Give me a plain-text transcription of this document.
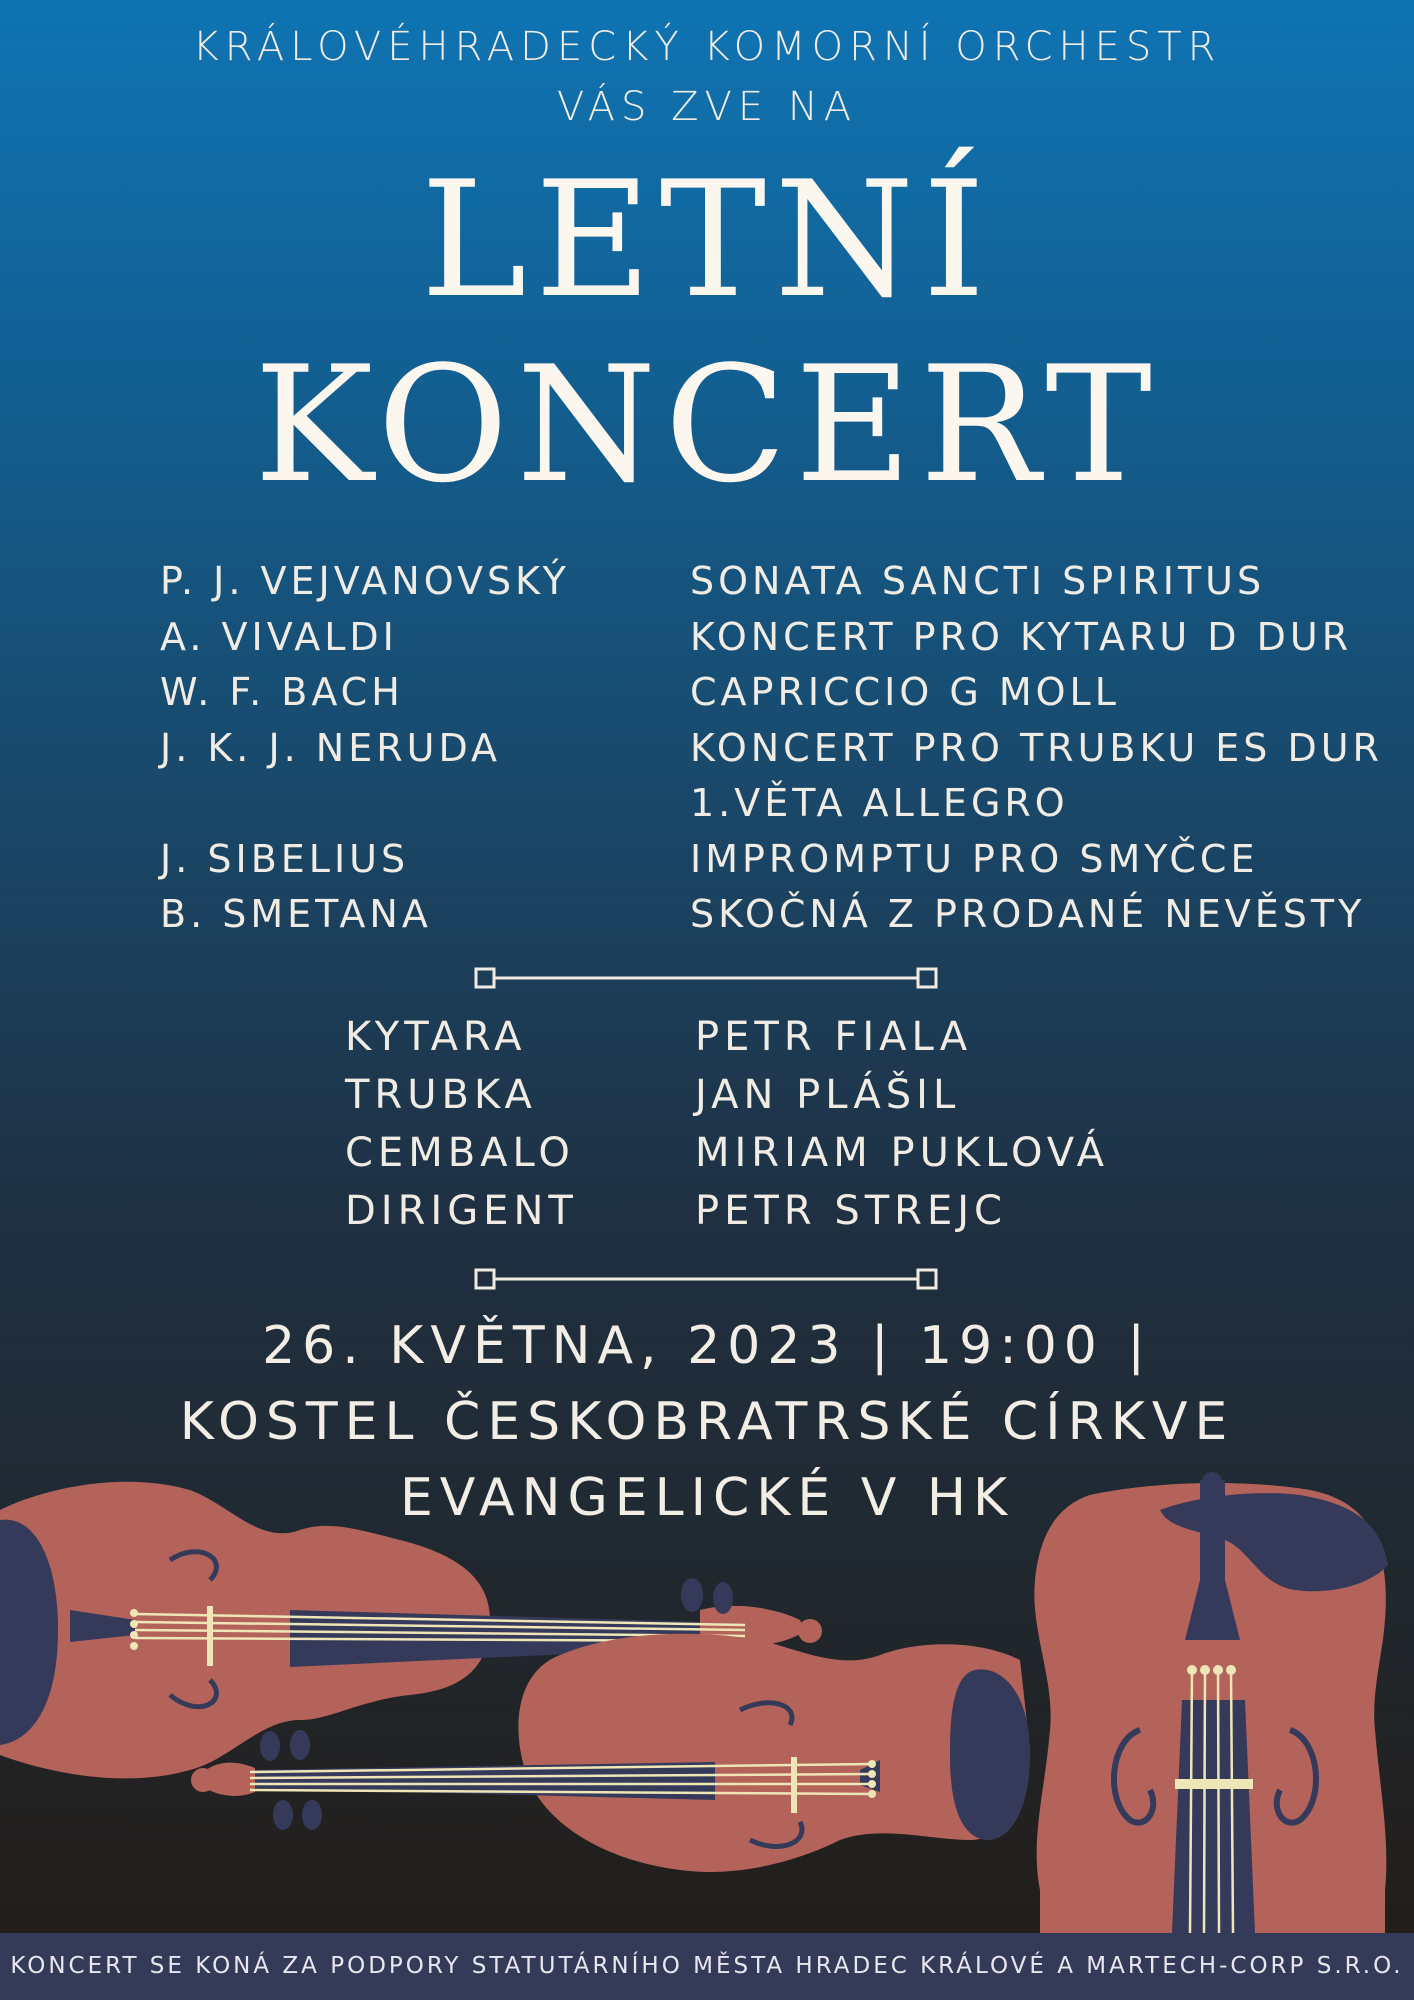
KRÁLOVÉHRADECKÝ KOMORNÍ ORCHESTR
VÁS ZVE NA
LETNÍ
KONCERT
P. J. VEJVANOVSKÝ
A. VIVALDI
W. F. BACH
J. K. J. NERUDA

J. SIBELIUS
B. SMETANA
SONATA SANCTI SPIRITUS
KONCERT PRO KYTARU D DUR
CAPRICCIO G MOLL
KONCERT PRO TRUBKU ES DUR
1.VĚTA ALLEGRO
IMPROMPTU PRO SMYČCE
SKOČNÁ Z PRODANÉ NEVĚSTY
KYTARA
TRUBKA
CEMBALO
DIRIGENT
PETR FIALA
JAN PLÁŠIL
MIRIAM PUKLOVÁ
PETR STREJC
26. KVĚTNA, 2023 | 19:00 |
KOSTEL ČESKOBRATRSKÉ CÍRKVE
EVANGELICKÉ V HK
KONCERT SE KONÁ ZA PODPORY STATUTÁRNÍHO MĚSTA HRADEC KRÁLOVÉ A MARTECH-CORP S.R.O.
